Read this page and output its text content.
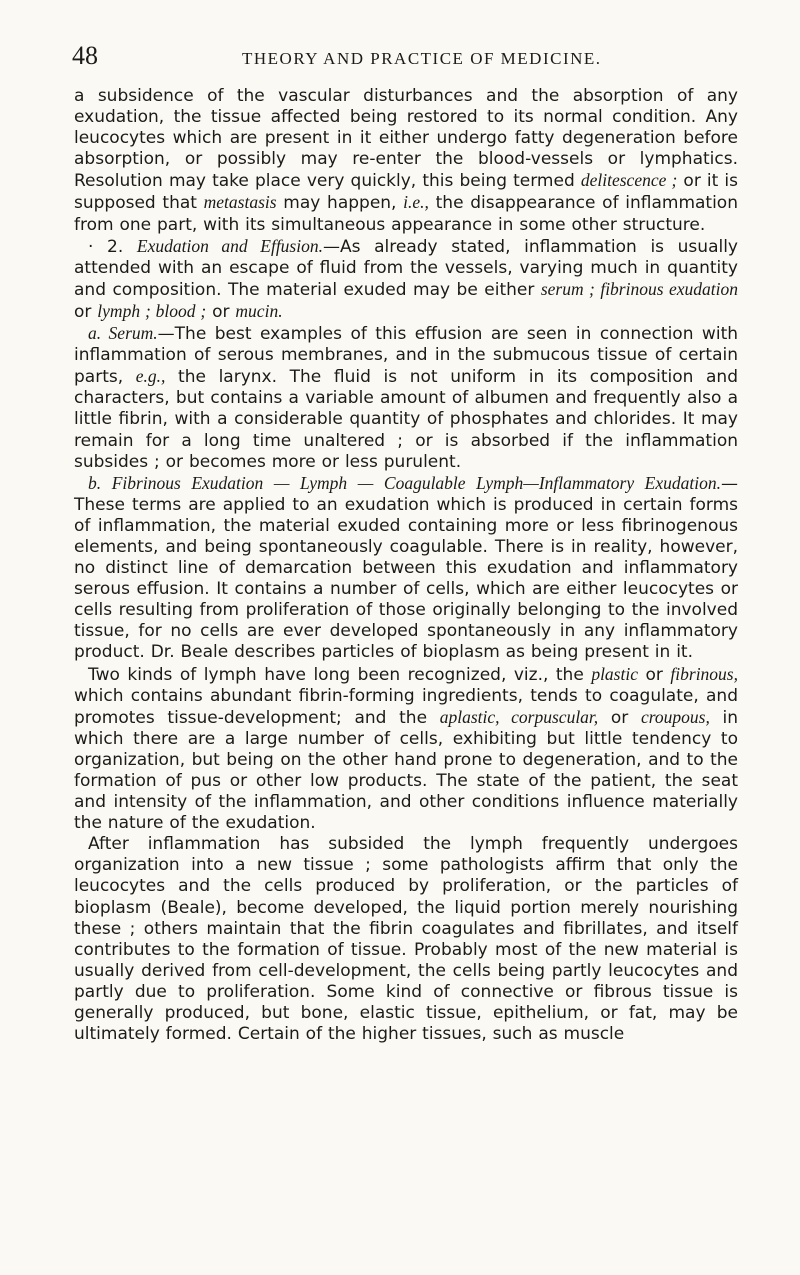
48	THEORY AND PRACTICE OF MEDICINE.

a subsidence of the vascular disturbances and the absorption of any exudation, the tissue affected being restored to its normal condition. Any leucocytes which are present in it either undergo fatty degeneration before absorption, or possibly may re-enter the blood-vessels or lymphatics. Resolution may take place very quickly, this being termed delitescence ; or it is supposed that metastasis may happen, i.e., the disappearance of inflammation from one part, with its simultaneous appearance in some other structure.

· 2. Exudation and Effusion.—As already stated, inflammation is usually attended with an escape of fluid from the vessels, varying much in quantity and composition. The material exuded may be either serum ; fibrinous exudation or lymph ; blood ; or mucin.

a. Serum.—The best examples of this effusion are seen in connection with inflammation of serous membranes, and in the submucous tissue of certain parts, e.g., the larynx. The fluid is not uniform in its composition and characters, but contains a variable amount of albumen and frequently also a little fibrin, with a considerable quantity of phosphates and chlorides. It may remain for a long time unaltered ; or is absorbed if the inflammation subsides ; or becomes more or less purulent.

b. Fibrinous Exudation — Lymph — Coagulable Lymph—Inflammatory Exudation.—These terms are applied to an exudation which is produced in certain forms of inflammation, the material exuded containing more or less fibrinogenous elements, and being spontaneously coagulable. There is in reality, however, no distinct line of demarcation between this exudation and inflammatory serous effusion. It contains a number of cells, which are either leucocytes or cells resulting from proliferation of those originally belonging to the involved tissue, for no cells are ever developed spontaneously in any inflammatory product. Dr. Beale describes particles of bioplasm as being present in it.

Two kinds of lymph have long been recognized, viz., the plastic or fibrinous, which contains abundant fibrin-forming ingredients, tends to coagulate, and promotes tissue-development; and the aplastic, corpuscular, or croupous, in which there are a large number of cells, exhibiting but little tendency to organization, but being on the other hand prone to degeneration, and to the formation of pus or other low products. The state of the patient, the seat and intensity of the inflammation, and other conditions influence materially the nature of the exudation.

After inflammation has subsided the lymph frequently undergoes organization into a new tissue ; some pathologists affirm that only the leucocytes and the cells produced by proliferation, or the particles of bioplasm (Beale), become developed, the liquid portion merely nourishing these ; others maintain that the fibrin coagulates and fibrillates, and itself contributes to the formation of tissue. Probably most of the new material is usually derived from cell-development, the cells being partly leucocytes and partly due to proliferation. Some kind of connective or fibrous tissue is generally produced, but bone, elastic tissue, epithelium, or fat, may be ultimately formed. Certain of the higher tissues, such as muscle
